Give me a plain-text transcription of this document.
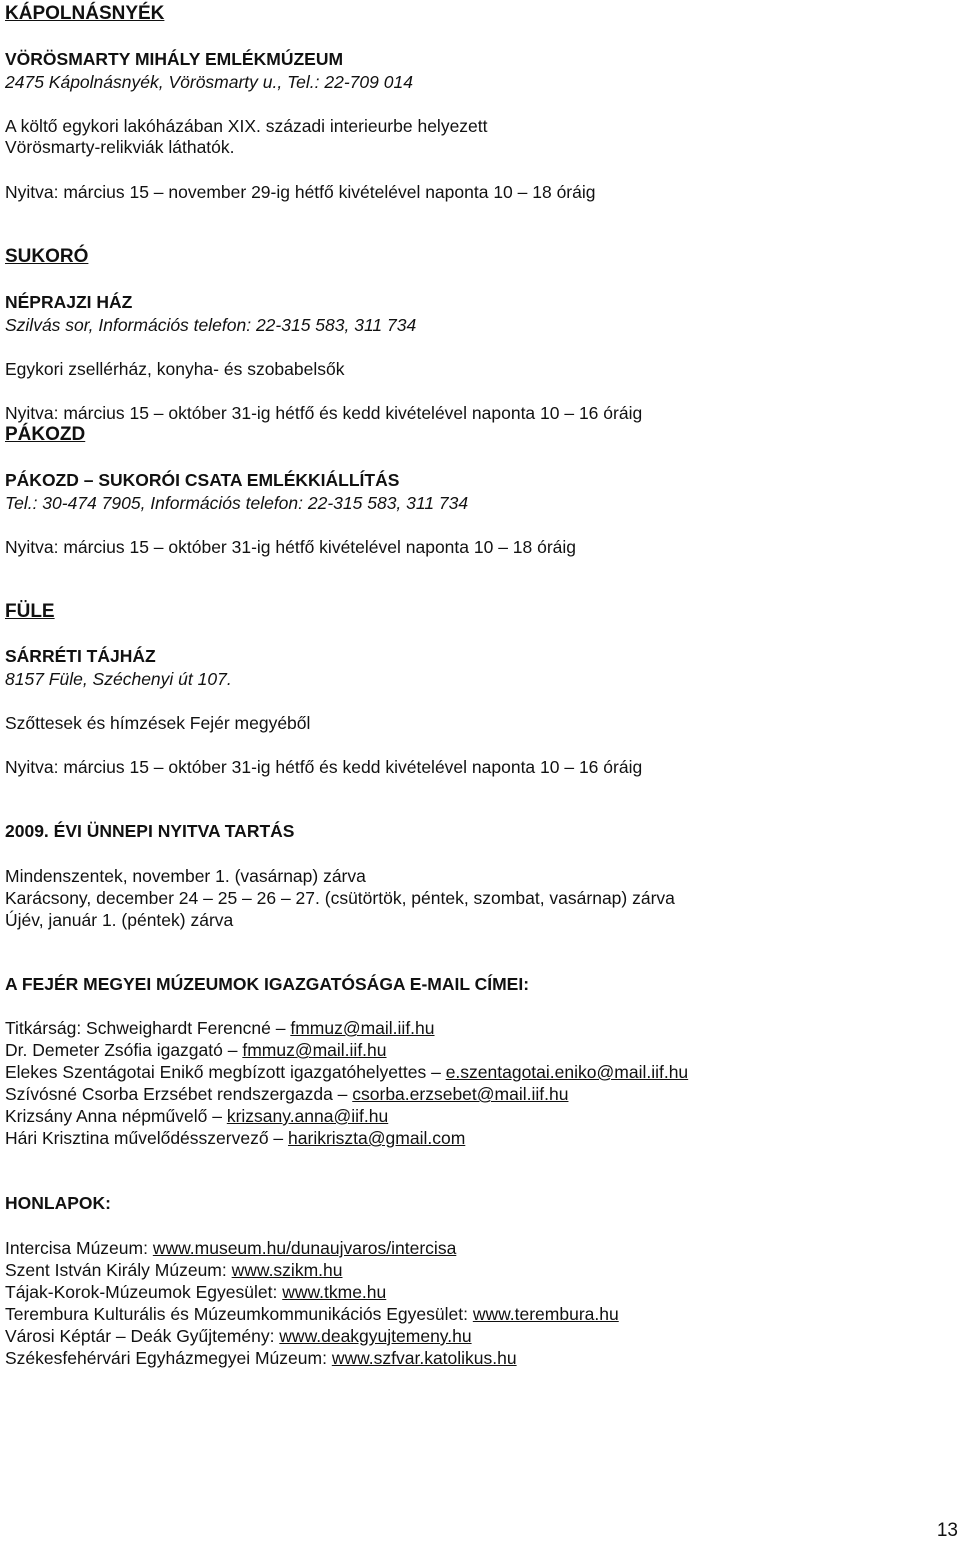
KÁPOLNÁSNYÉK
VÖRÖSMARTY MIHÁLY EMLÉKMÚZEUM
2475 Kápolnásnyék, Vörösmarty u., Tel.: 22-709 014
A költő egykori lakóházában XIX. századi interieurbe helyezett
Vörösmarty-relikviák láthatók.
Nyitva: március 15 – november 29-ig hétfő kivételével naponta 10 – 18 óráig
SUKORÓ
NÉPRAJZI HÁZ
Szilvás sor, Információs telefon: 22-315 583, 311 734
Egykori zsellérház, konyha- és szobabelsők
Nyitva: március 15 – október 31-ig hétfő és kedd kivételével naponta 10 – 16 óráig
PÁKOZD
PÁKOZD – SUKORÓI CSATA EMLÉKKIÁLLÍTÁS
Tel.: 30-474 7905, Információs telefon: 22-315 583, 311 734
Nyitva: március 15 – október 31-ig hétfő kivételével naponta 10 – 18 óráig
FÜLE
SÁRRÉTI TÁJHÁZ
8157 Füle, Széchenyi út 107.
Szőttesek és hímzések Fejér megyéből
Nyitva: március 15 – október 31-ig hétfő és kedd kivételével naponta 10 – 16 óráig
2009. ÉVI ÜNNEPI NYITVA TARTÁS
Mindenszentek, november 1. (vasárnap) zárva
Karácsony, december 24 – 25 – 26 – 27. (csütörtök, péntek, szombat, vasárnap) zárva
Újév, január 1. (péntek) zárva
A FEJÉR MEGYEI MÚZEUMOK IGAZGATÓSÁGA E-MAIL CÍMEI:
Titkárság: Schweighardt Ferencné – fmmuz@mail.iif.hu
Dr. Demeter Zsófia igazgató – fmmuz@mail.iif.hu
Elekes Szentágotai Enikő megbízott igazgatóhelyettes – e.szentagotai.eniko@mail.iif.hu
Szívósné Csorba Erzsébet rendszergazda – csorba.erzsebet@mail.iif.hu
Krizsány Anna népművelő – krizsany.anna@iif.hu
Hári Krisztina művelődésszervező – harikriszta@gmail.com
HONLAPOK:
Intercisa Múzeum: www.museum.hu/dunaujvaros/intercisa
Szent István Király Múzeum: www.szikm.hu
Tájak-Korok-Múzeumok Egyesület: www.tkme.hu
Terembura Kulturális és Múzeumkommunikációs Egyesület: www.terembura.hu
Városi Képtár – Deák Gyűjtemény: www.deakgyujtemeny.hu
Székesfehérvári Egyházmegyei Múzeum: www.szfvar.katolikus.hu
13
